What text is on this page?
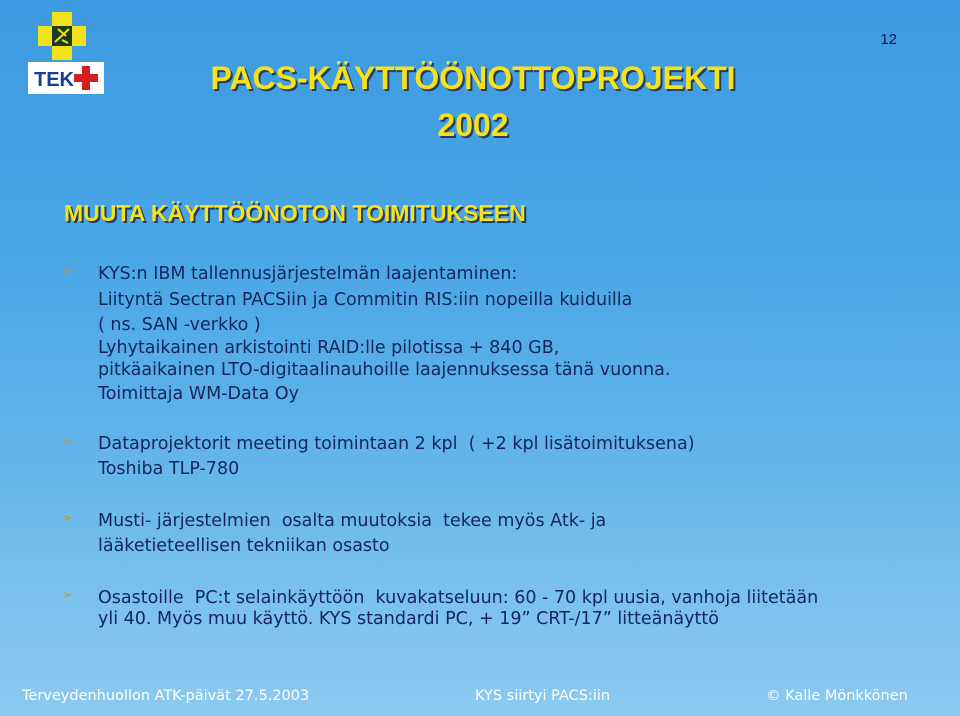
12
TEK	PACS-KÄYTTÖÖNOTTOPROJEKTI
2002
MUUTA KÄYTTÖÖNOTON TOIMITUKSEEN
➢ KYS:n IBM tallennusjärjestelmän laajentaminen:
Liityntä Sectran PACSiin ja Commitin RIS:iin nopeilla kuiduilla
( ns. SAN -verkko )
Lyhytaikainen arkistointi RAID:lle pilotissa + 840 GB,
pitkäaikainen LTO-digitaalinauhoille laajennuksessa tänä vuonna.
Toimittaja WM-Data Oy
➢ Dataprojektorit meeting toimintaan 2 kpl  ( +2 kpl lisätoimituksena)
Toshiba TLP-780
➢ Musti- järjestelmien  osalta muutoksia  tekee myös Atk- ja
lääketieteellisen tekniikan osasto
➢ Osastoille  PC:t selainkäyttöön  kuvakatseluun: 60 - 70 kpl uusia, vanhoja liitetään
yli 40. Myös muu käyttö. KYS standardi PC, + 19” CRT-/17” litteänäyttö
Terveydenhuollon ATK-päivät 27.5.2003	KYS siirtyi PACS:iin	© Kalle Mönkkönen
